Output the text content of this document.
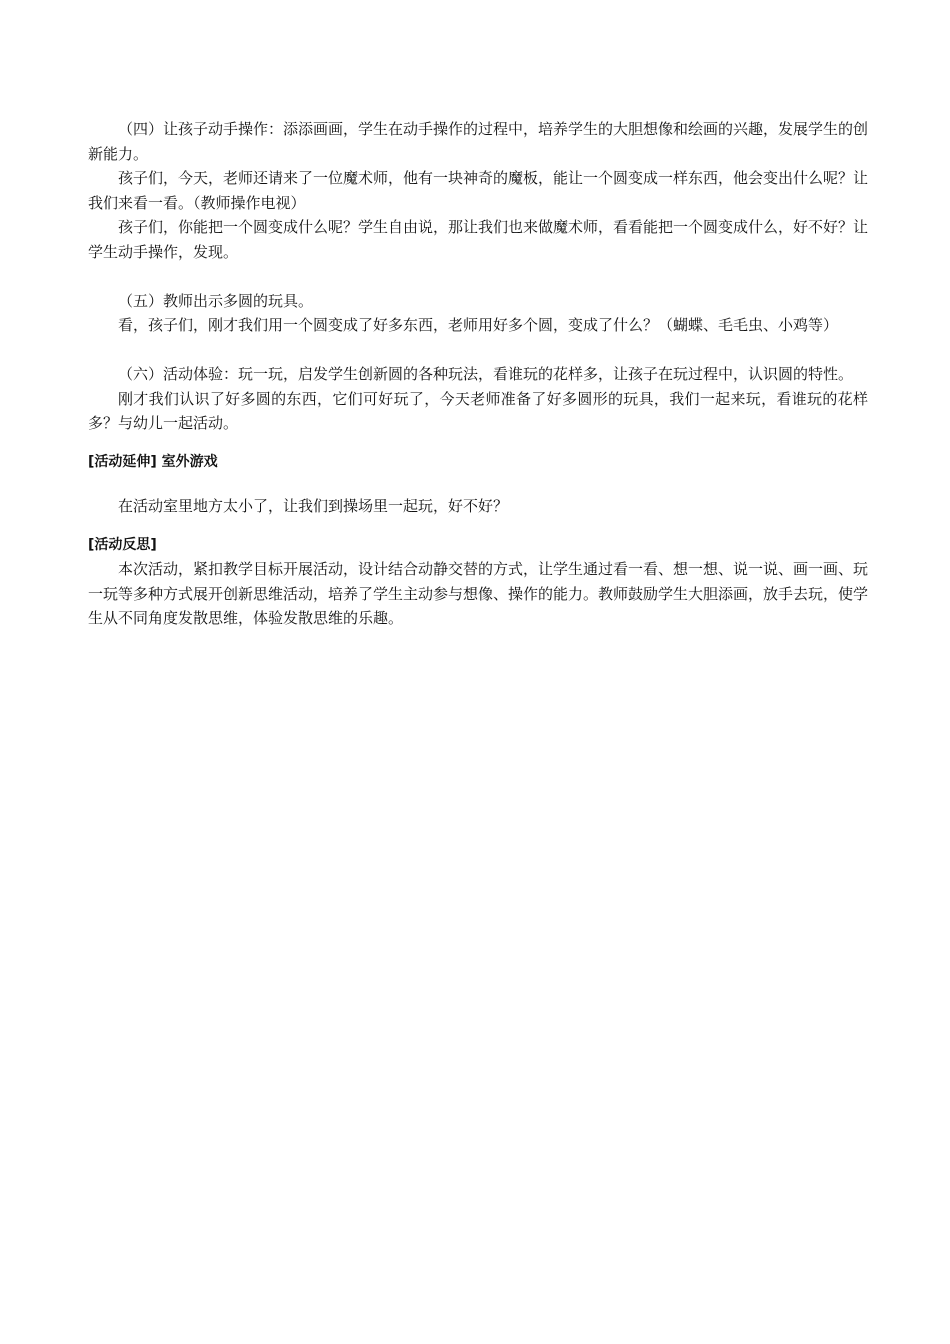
（四）让孩子动手操作：添添画画，学生在动手操作的过程中，培养学生的大胆想像和绘画的兴趣，发展学生的创新能力。

孩子们，今天，老师还请来了一位魔术师，他有一块神奇的魔板，能让一个圆变成一样东西，他会变出什么呢？让我们来看一看。（教师操作电视）

孩子们，你能把一个圆变成什么呢？学生自由说，那让我们也来做魔术师，看看能把一个圆变成什么，好不好？让学生动手操作，发现。

（五）教师出示多圆的玩具。

看，孩子们，刚才我们用一个圆变成了好多东西，老师用好多个圆，变成了什么？（蝴蝶、毛毛虫、小鸡等）

（六）活动体验：玩一玩，启发学生创新圆的各种玩法，看谁玩的花样多，让孩子在玩过程中，认识圆的特性。

刚才我们认识了好多圆的东西，它们可好玩了，今天老师准备了好多圆形的玩具，我们一起来玩，看谁玩的花样多？与幼儿一起活动。

[活动延伸] 室外游戏

在活动室里地方太小了，让我们到操场里一起玩，好不好？

[活动反思]

本次活动，紧扣教学目标开展活动，设计结合动静交替的方式，让学生通过看一看、想一想、说一说、画一画、玩一玩等多种方式展开创新思维活动，培养了学生主动参与想像、操作的能力。教师鼓励学生大胆添画，放手去玩，使学生从不同角度发散思维，体验发散思维的乐趣。
